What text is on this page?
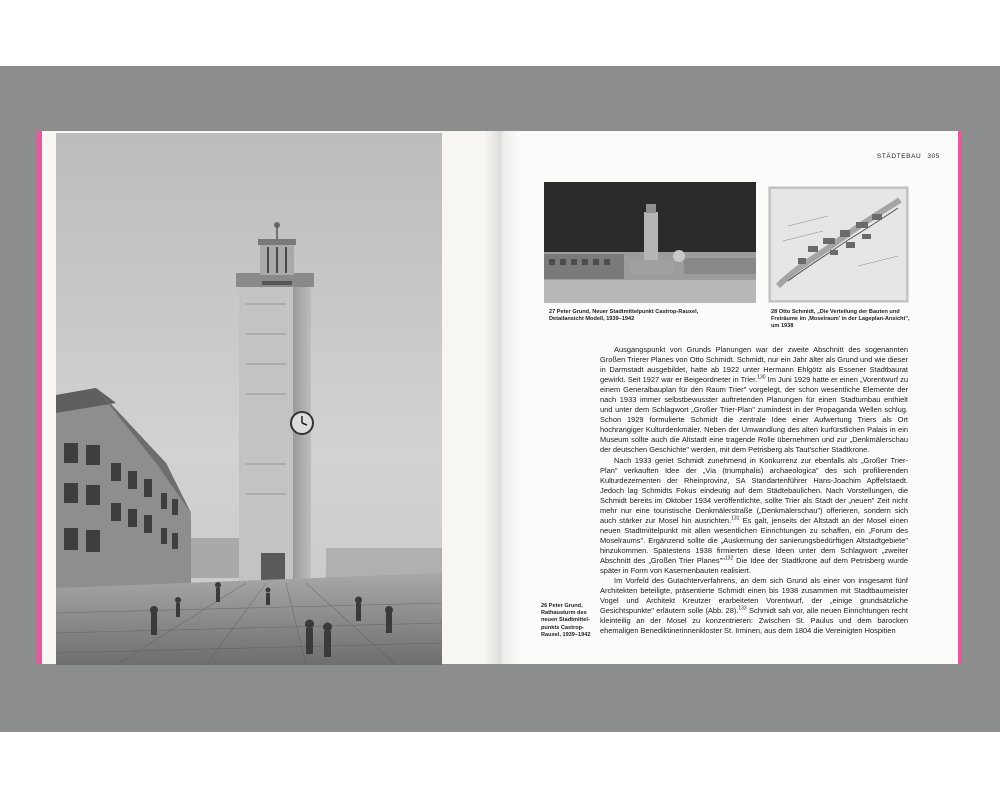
STÄDTEBAU 305
27 Peter Grund, Neuer Stadtmittelpunkt Castrop-Rauxel,
Detailansicht Modell, 1939–1942
28 Otto Schmidt, „Die Verteilung der Bauten und
Freiräume im ‚Moselraum' in der Lageplan-Ansicht",
um 1938
26 Peter Grund,
Rathausturm des
neuen Stadtmittel-
punkts Castrop-
Rauxel, 1939–1942

Ausgangspunkt von Grunds Planungen war der zweite Abschnitt des sogenannten Großen Trierer Planes von Otto Schmidt. Schmidt, nur ein Jahr älter als Grund und wie dieser in Darmstadt ausgebildet, hatte ab 1922 unter Hermann Ehlgötz als Essener Stadtbaurat gewirkt. Seit 1927 war er Beigeordneter in Trier.$^{130}$ Im Juni 1929 hatte er einen „Vorentwurf zu einem Generalbauplan für den Raum Trier" vorgelegt, der schon wesentliche Elemente der nach 1933 immer selbstbewusster auftretenden Planungen für einen Stadtumbau enthielt und unter dem Schlagwort „Großer Trier-Plan" zumindest in der Propaganda Wellen schlug. Schon 1929 formulierte Schmidt die zentrale Idee einer Aufwertung Triers als Ort hochrangiger Kulturdenkmäler. Neben der Umwandlung des alten kurfürstlichen Palais in ein Museum sollte auch die Altstadt eine tragende Rolle übernehmen und zur „Denkmälerschau der deutschen Geschichte" werden, mit dem Petrisberg als Taut'scher Stadtkrone.

Nach 1933 geriet Schmidt zunehmend in Konkurrenz zur ebenfalls als „Großer Trier-Plan" verkauften Idee der „Via (triumphalis) archaeologica" des sich profilierenden Kulturdezernenten der Rheinprovinz, SA Standartenführer Hans-Joachim Apffelstaedt. Jedoch lag Schmidts Fokus eindeutig auf dem Städtebaulichen. Nach Vorstellungen, die Schmidt bereits im Oktober 1934 veröffentlichte, sollte Trier als Stadt der „neuen" Zeit nicht mehr nur eine touristische Denkmälerstraße („Denkmälerschau") offerieren, sondern sich auch stärker zur Mosel hin ausrichten.$^{131}$ Es galt, jenseits der Altstadt an der Mosel einen neuen Stadtmittelpunkt mit allen wesentlichen Einrichtungen zu schaffen, ein „Forum des Moselraums". Ergänzend sollte die „Auskernung der sanierungsbedürftigen Altstadtgebiete" hinzukommen. Spätestens 1938 firmierten diese Ideen unter dem Schlagwort „zweiter Abschnitt des „Großen Trier Planes""$^{132}$ Die Idee der Stadtkrone auf dem Petrisberg wurde später in Form von Kasernenbauten realisiert.

Im Vorfeld des Gutachterverfahrens, an dem sich Grund als einer von insgesamt fünf Architekten beteiligte, präsentierte Schmidt einen bis 1938 zusammen mit Stadtbaumeister Vogel und Architekt Kreutzer erarbeiteten Vorentwurf, der „einige grundsätzliche Gesichtspunkte" erläutern solle (Abb. 28).$^{133}$ Schmidt sah vor, alle neuen Einrichtungen recht kleinteilig an der Mosel zu konzentrieren: Zwischen St. Paulus und dem barocken ehemaligen Benediktinerinnenkloster St. Irminen, aus dem 1804 die Vereinigten Hospitien
